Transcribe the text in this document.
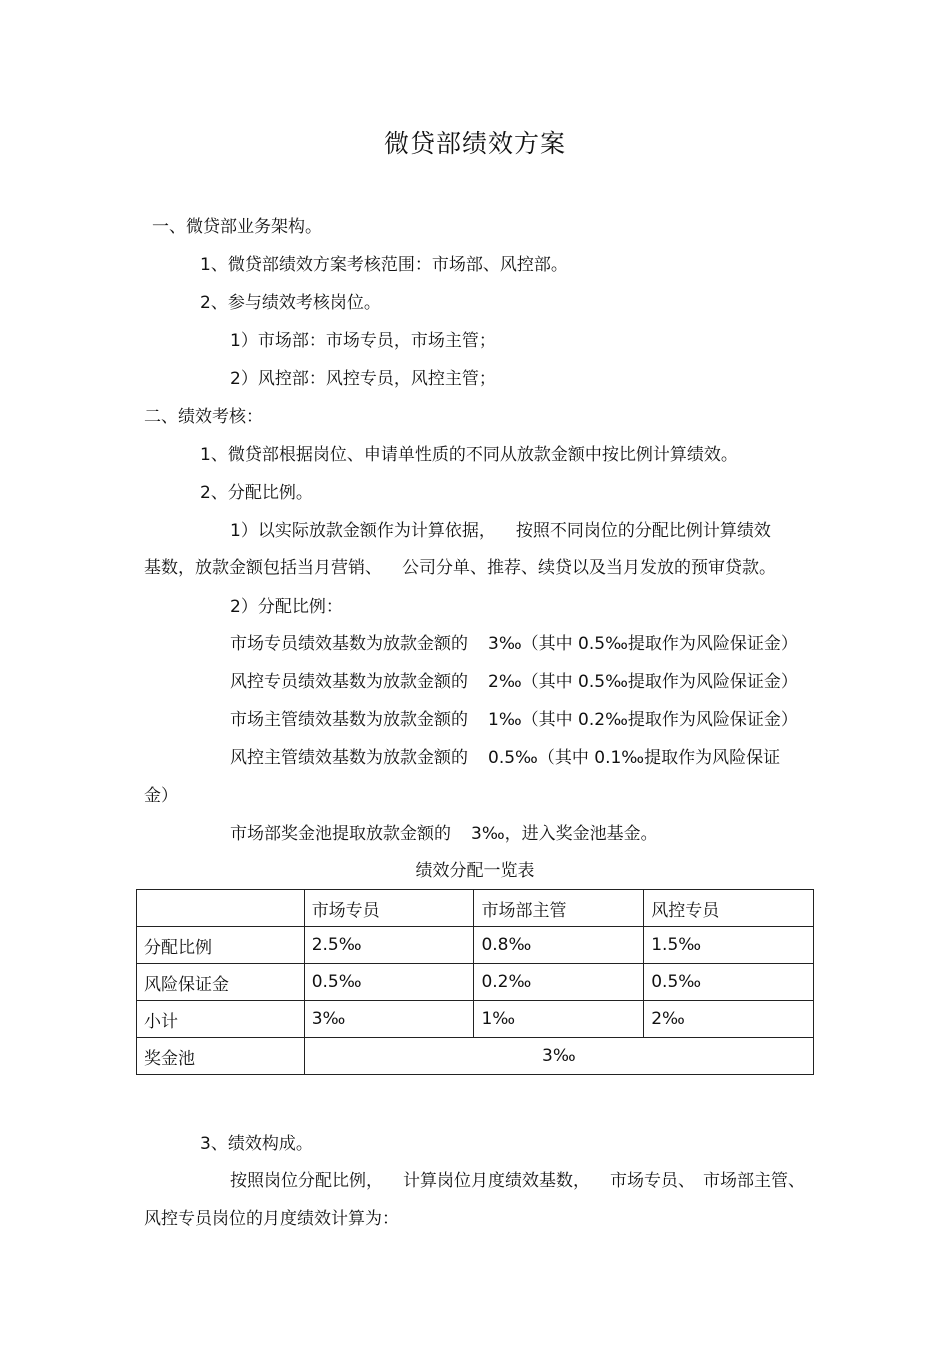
微贷部绩效方案
一、微贷部业务架构。
1、微贷部绩效方案考核范围：市场部、风控部。
2、参与绩效考核岗位。
1）市场部：市场专员，市场主管；
2）风控部：风控专员，风控主管；
二、绩效考核：
1、微贷部根据岗位、申请单性质的不同从放款金额中按比例计算绩效。
2、分配比例。
1）以实际放款金额作为计算依据， 按照不同岗位的分配比例计算绩效
基数，放款金额包括当月营销、 公司分单、推荐、续贷以及当月发放的预审贷款。
2）分配比例：
市场专员绩效基数为放款金额的 3‰（其中 0.5‰提取作为风险保证金）
风控专员绩效基数为放款金额的 2‰（其中 0.5‰提取作为风险保证金）
市场主管绩效基数为放款金额的 1‰（其中 0.2‰提取作为风险保证金）
风控主管绩效基数为放款金额的 0.5‰（其中 0.1‰提取作为风险保证
金）
市场部奖金池提取放款金额的 3‰，进入奖金池基金。
绩效分配一览表
	市场专员	市场部主管	风控专员
分配比例	2.5‰	0.8‰	1.5‰
风险保证金	0.5‰	0.2‰	0.5‰
小计	3‰	1‰	2‰
奖金池	3‰		
3、绩效构成。
按照岗位分配比例， 计算岗位月度绩效基数， 市场专员、 市场部主管、
风控专员岗位的月度绩效计算为：
